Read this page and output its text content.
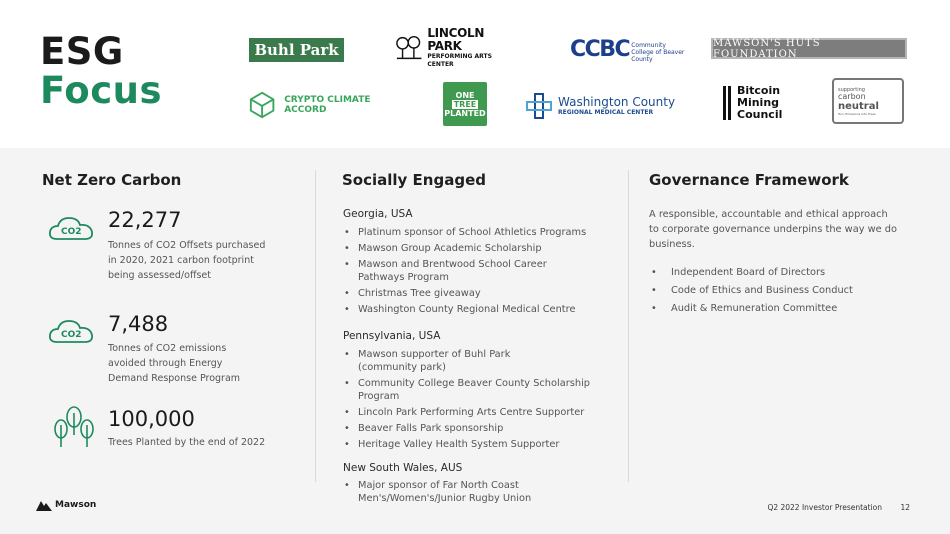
ESG
Focus
Buhl Park
LINCOLN PARK
PERFORMING ARTS CENTER
CCBC Community College of Beaver County
MAWSON'S HUTS FOUNDATION
CRYPTO CLIMATE ACCORD
ONE
TREE
PLANTED
Washington County
REGIONAL MEDICAL CENTER
Bitcoin
Mining
Council
supporting
carbon
neutral
Turn Emissions Into Trees
Net Zero Carbon
CO2 22,277
Tonnes of CO2 Offsets purchased
in 2020, 2021 carbon footprint
being assessed/offset
CO2 7,488
Tonnes of CO2 emissions
avoided through Energy
Demand Response Program
100,000
Trees Planted by the end of 2022
Socially Engaged
Georgia, USA
• Platinum sponsor of School Athletics Programs
• Mawson Group Academic Scholarship
• Mawson and Brentwood School Career Pathways Program
• Christmas Tree giveaway
• Washington County Regional Medical Centre
Pennsylvania, USA
• Mawson supporter of Buhl Park (community park)
• Community College Beaver County Scholarship Program
• Lincoln Park Performing Arts Centre Supporter
• Beaver Falls Park sponsorship
• Heritage Valley Health System Supporter
New South Wales, AUS
• Major sponsor of Far North Coast Men's/Women's/Junior Rugby Union
Governance Framework
A responsible, accountable and ethical approach to corporate governance underpins the way we do business.
• Independent Board of Directors
• Code of Ethics and Business Conduct
• Audit & Remuneration Committee
Mawson	Q2 2022 Investor Presentation 12
